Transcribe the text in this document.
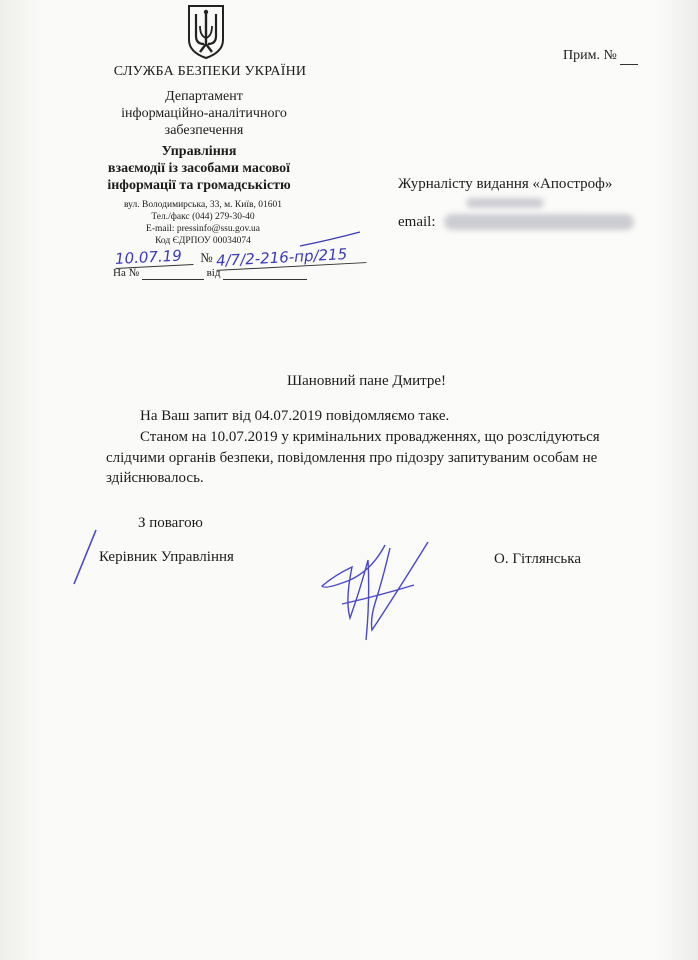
СЛУЖБА БЕЗПЕКИ УКРАЇНИ
Департамент
інформаційно-аналітичного
забезпечення
Управління
взаємодії із засобами масової
інформації та громадськістю
вул. Володимирська, 33, м. Київ, 01601
Тел./факс (044) 279-30-40
E-mail: pressinfo@ssu.gov.ua
Код ЄДРПОУ 00034074
10.07.19 № 4/7/2-216-пр/215
На №	від
Прим. №
Журналісту видання «Апостроф»
email:
Шановний пане Дмитре!
На Ваш запит від 04.07.2019 повідомляємо таке.
Станом на 10.07.2019 у кримінальних провадженнях, що розслідуються
слідчими органів безпеки, повідомлення про підозру запитуваним особам не
здійснювалось.
З повагою
Керівник Управління	О. Гітлянська
